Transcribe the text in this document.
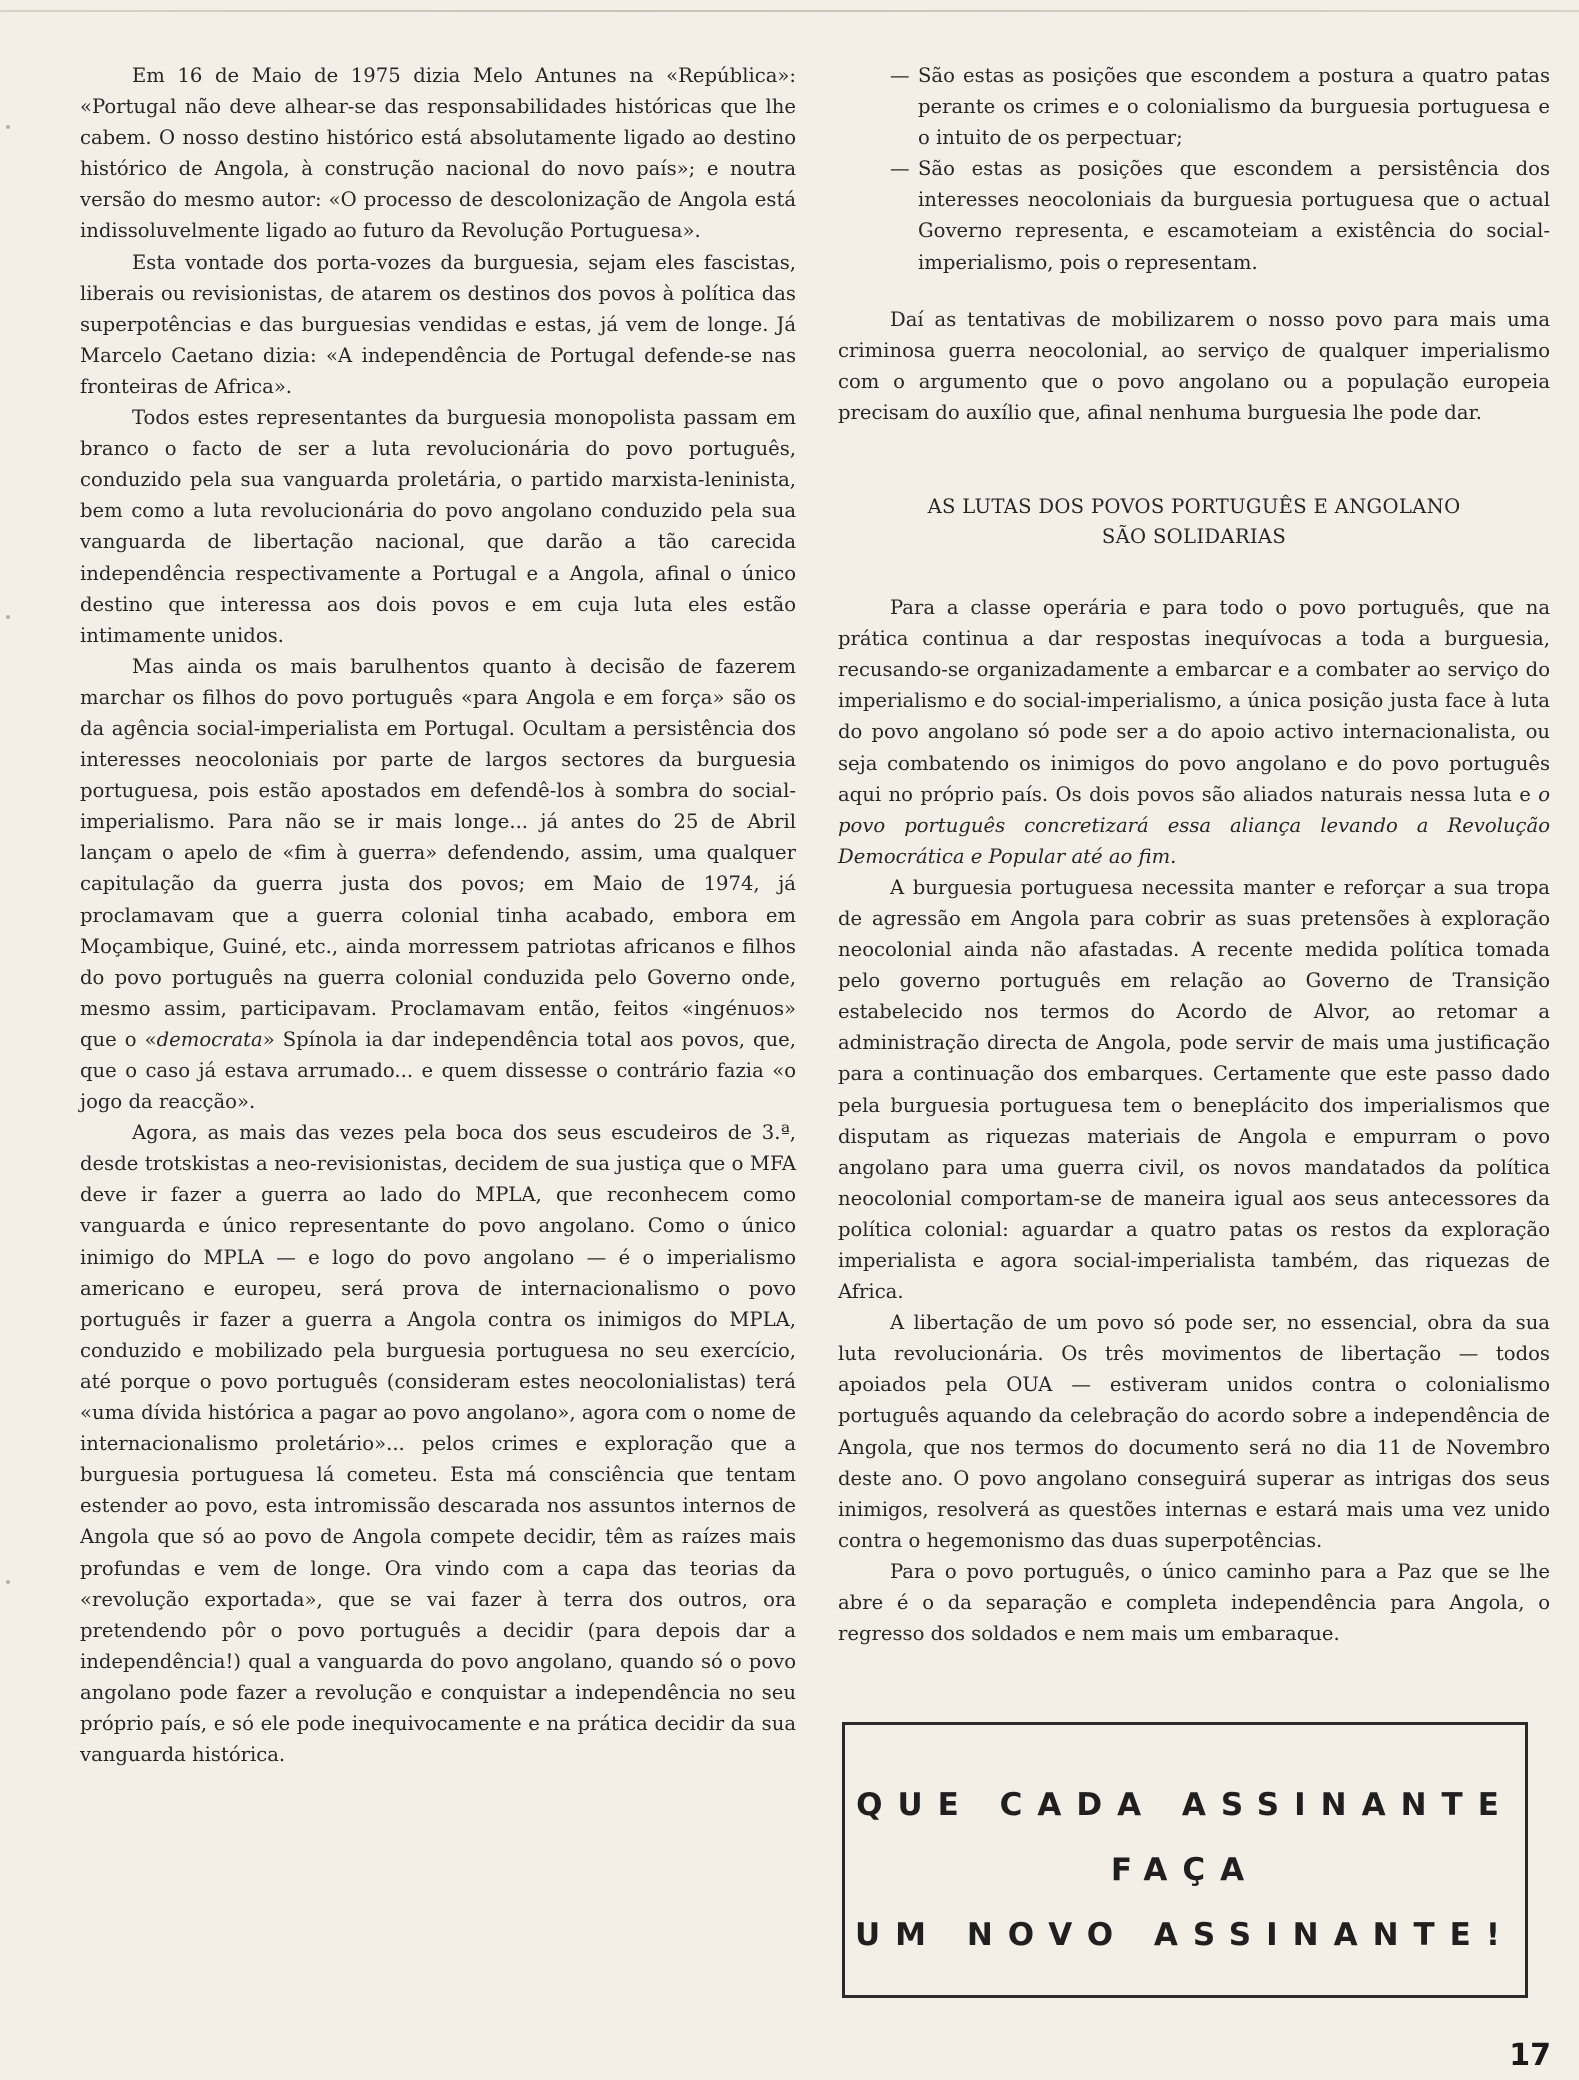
Em 16 de Maio de 1975 dizia Melo Antunes na «República»: «Portugal não deve alhear-se das responsabilidades históricas que lhe cabem. O nosso destino histórico está absolutamente ligado ao destino histórico de Angola, à construção nacional do novo país»; e noutra versão do mesmo autor: «O processo de descolonização de Angola está indissoluvelmente ligado ao futuro da Revolução Portuguesa».

Esta vontade dos porta-vozes da burguesia, sejam eles fascistas, liberais ou revisionistas, de atarem os destinos dos povos à política das superpotências e das burguesias vendidas e estas, já vem de longe. Já Marcelo Caetano dizia: «A independência de Portugal defende-se nas fronteiras de Africa».

Todos estes representantes da burguesia monopolista passam em branco o facto de ser a luta revolucionária do povo português, conduzido pela sua vanguarda proletária, o partido marxista-leninista, bem como a luta revolucionária do povo angolano conduzido pela sua vanguarda de libertação nacional, que darão a tão carecida independência respectivamente a Portugal e a Angola, afinal o único destino que interessa aos dois povos e em cuja luta eles estão intimamente unidos.

Mas ainda os mais barulhentos quanto à decisão de fazerem marchar os filhos do povo português «para Angola e em força» são os da agência social-imperialista em Portugal. Ocultam a persistência dos interesses neocoloniais por parte de largos sectores da burguesia portuguesa, pois estão apostados em defendê-los à sombra do social-imperialismo. Para não se ir mais longe... já antes do 25 de Abril lançam o apelo de «fim à guerra» defendendo, assim, uma qualquer capitulação da guerra justa dos povos; em Maio de 1974, já proclamavam que a guerra colonial tinha acabado, embora em Moçambique, Guiné, etc., ainda morressem patriotas africanos e filhos do povo português na guerra colonial conduzida pelo Governo onde, mesmo assim, participavam. Proclamavam então, feitos «ingénuos» que o «democrata» Spínola ia dar independência total aos povos, que, que o caso já estava arrumado... e quem dissesse o contrário fazia «o jogo da reacção».

Agora, as mais das vezes pela boca dos seus escudeiros de 3.ª, desde trotskistas a neo-revisionistas, decidem de sua justiça que o MFA deve ir fazer a guerra ao lado do MPLA, que reconhecem como vanguarda e único representante do povo angolano. Como o único inimigo do MPLA — e logo do povo angolano — é o imperialismo americano e europeu, será prova de internacionalismo o povo português ir fazer a guerra a Angola contra os inimigos do MPLA, conduzido e mobilizado pela burguesia portuguesa no seu exercício, até porque o povo português (consideram estes neocolonialistas) terá «uma dívida histórica a pagar ao povo angolano», agora com o nome de internacionalismo proletário»... pelos crimes e exploração que a burguesia portuguesa lá cometeu. Esta má consciência que tentam estender ao povo, esta intromissão descarada nos assuntos internos de Angola que só ao povo de Angola compete decidir, têm as raízes mais profundas e vem de longe. Ora vindo com a capa das teorias da «revolução exportada», que se vai fazer à terra dos outros, ora pretendendo pôr o povo português a decidir (para depois dar a independência!) qual a vanguarda do povo angolano, quando só o povo angolano pode fazer a revolução e conquistar a independência no seu próprio país, e só ele pode inequivocamente e na prática decidir da sua vanguarda histórica.

— São estas as posições que escondem a postura a quatro patas perante os crimes e o colonialismo da burguesia portuguesa e o intuito de os perpectuar;

— São estas as posições que escondem a persistência dos interesses neocoloniais da burguesia portuguesa que o actual Governo representa, e escamoteiam a existência do social-imperialismo, pois o representam.

Daí as tentativas de mobilizarem o nosso povo para mais uma criminosa guerra neocolonial, ao serviço de qualquer imperialismo com o argumento que o povo angolano ou a população europeia precisam do auxílio que, afinal nenhuma burguesia lhe pode dar.

AS LUTAS DOS POVOS PORTUGUÊS E ANGOLANO
SÃO SOLIDARIAS

Para a classe operária e para todo o povo português, que na prática continua a dar respostas inequívocas a toda a burguesia, recusando-se organizadamente a embarcar e a combater ao serviço do imperialismo e do social-imperialismo, a única posição justa face à luta do povo angolano só pode ser a do apoio activo internacionalista, ou seja combatendo os inimigos do povo angolano e do povo português aqui no próprio país. Os dois povos são aliados naturais nessa luta e o povo português concretizará essa aliança levando a Revolução Democrática e Popular até ao fim.

A burguesia portuguesa necessita manter e reforçar a sua tropa de agressão em Angola para cobrir as suas pretensões à exploração neocolonial ainda não afastadas. A recente medida política tomada pelo governo português em relação ao Governo de Transição estabelecido nos termos do Acordo de Alvor, ao retomar a administração directa de Angola, pode servir de mais uma justificação para a continuação dos embarques. Certamente que este passo dado pela burguesia portuguesa tem o beneplácito dos imperialismos que disputam as riquezas materiais de Angola e empurram o povo angolano para uma guerra civil, os novos mandatados da política neocolonial comportam-se de maneira igual aos seus antecessores da política colonial: aguardar a quatro patas os restos da exploração imperialista e agora social-imperialista também, das riquezas de Africa.

A libertação de um povo só pode ser, no essencial, obra da sua luta revolucionária. Os três movimentos de libertação — todos apoiados pela OUA — estiveram unidos contra o colonialismo português aquando da celebração do acordo sobre a independência de Angola, que nos termos do documento será no dia 11 de Novembro deste ano. O povo angolano conseguirá superar as intrigas dos seus inimigos, resolverá as questões internas e estará mais uma vez unido contra o hegemonismo das duas superpotências.

Para o povo português, o único caminho para a Paz que se lhe abre é o da separação e completa independência para Angola, o regresso dos soldados e nem mais um embaraque.

QUE CADA ASSINANTE
FAÇA
UM NOVO ASSINANTE!
17
